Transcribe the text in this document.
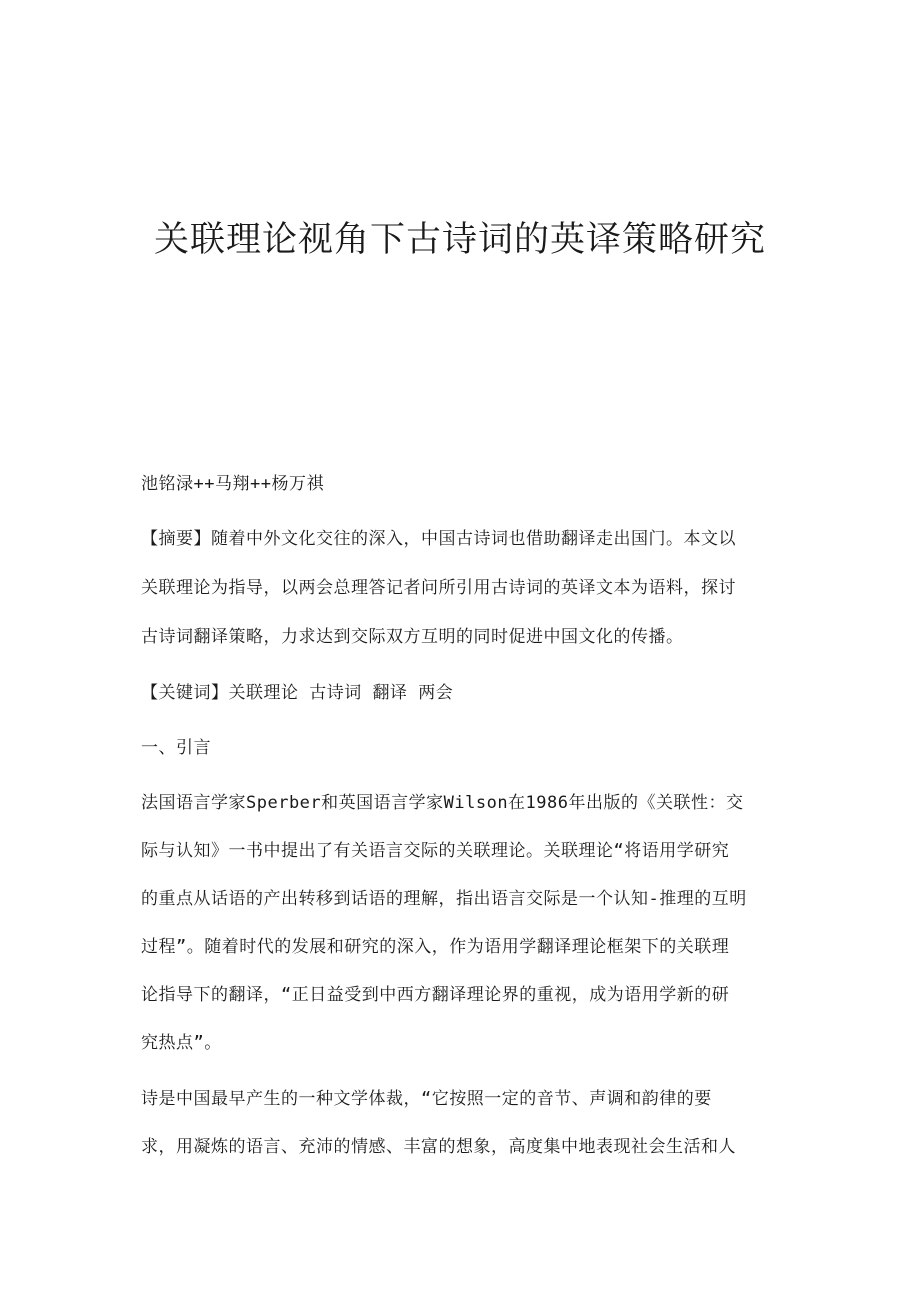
关联理论视角下古诗词的英译策略研究
池铭渌++马翔++杨万祺
【摘要】随着中外文化交往的深入，中国古诗词也借助翻译走出国门。本文以
关联理论为指导，以两会总理答记者问所引用古诗词的英译文本为语料，探讨
古诗词翻译策略，力求达到交际双方互明的同时促进中国文化的传播。
【关键词】关联理论 古诗词 翻译 两会
一、引言
法国语言学家Sperber和英国语言学家Wilson在1986年出版的《关联性：交
际与认知》一书中提出了有关语言交际的关联理论。关联理论“将语用学研究
的重点从话语的产出转移到话语的理解，指出语言交际是一个认知-推理的互明
过程”。随着时代的发展和研究的深入，作为语用学翻译理论框架下的关联理
论指导下的翻译，“正日益受到中西方翻译理论界的重视，成为语用学新的研
究热点”。
诗是中国最早产生的一种文学体裁，“它按照一定的音节、声调和韵律的要
求，用凝炼的语言、充沛的情感、丰富的想象，高度集中地表现社会生活和人
